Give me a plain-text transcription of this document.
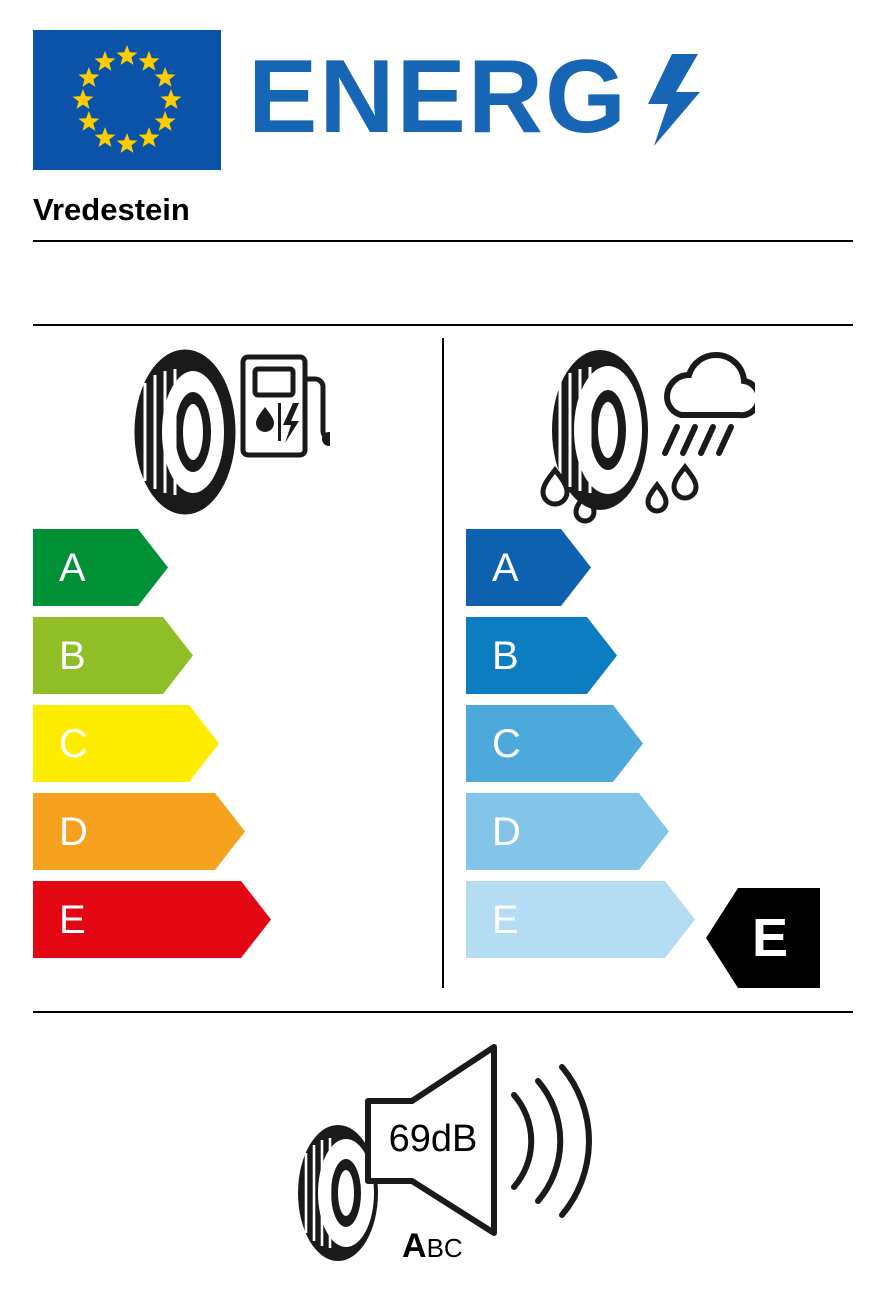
ENERG
Vredestein
A
B
C
D
E
A
B
C
D
E	E
69dB
ABC
